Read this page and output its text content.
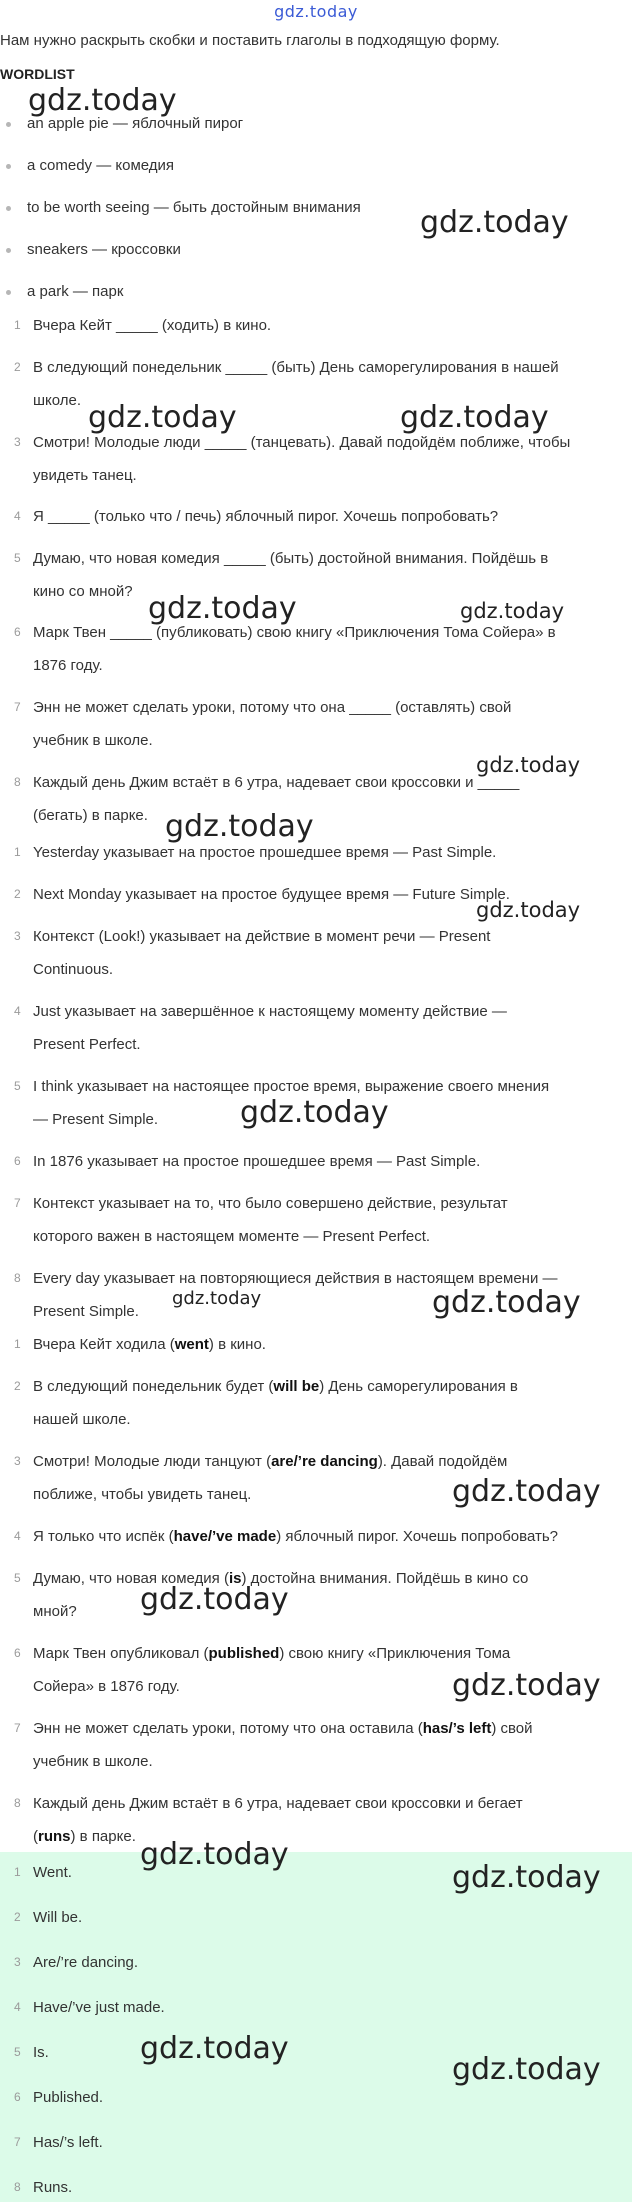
gdz.today
Нам нужно раскрыть скобки и поставить глаголы в подходящую форму.
WORDLIST
an apple pie — яблочный пирог
a comedy — комедия
to be worth seeing — быть достойным внимания
sneakers — кроссовки
a park — парк
1 Вчера Кейт _____ (ходить) в кино.
2 В следующий понедельник _____ (быть) День саморегулирования в нашей
школе.
3 Смотри! Молодые люди _____ (танцевать). Давай подойдём поближе, чтобы
увидеть танец.
4 Я _____ (только что / печь) яблочный пирог. Хочешь попробовать?
5 Думаю, что новая комедия _____ (быть) достойной внимания. Пойдёшь в
кино со мной?
6 Марк Твен _____ (публиковать) свою книгу «Приключения Тома Сойера» в
1876 году.
7 Энн не может сделать уроки, потому что она _____ (оставлять) свой
учебник в школе.
8 Каждый день Джим встаёт в 6 утра, надевает свои кроссовки и _____
(бегать) в парке.
1 Yesterday указывает на простое прошедшее время — Past Simple.
2 Next Monday указывает на простое будущее время — Future Simple.
3 Контекст (Look!) указывает на действие в момент речи — Present
Continuous.
4 Just указывает на завершённое к настоящему моменту действие —
Present Perfect.
5 I think указывает на настоящее простое время, выражение своего мнения
— Present Simple.
6 In 1876 указывает на простое прошедшее время — Past Simple.
7 Контекст указывает на то, что было совершено действие, результат
которого важен в настоящем моменте — Present Perfect.
8 Every day указывает на повторяющиеся действия в настоящем времени —
Present Simple.
1 Вчера Кейт ходила (went) в кино.
2 В следующий понедельник будет (will be) День саморегулирования в
нашей школе.
3 Смотри! Молодые люди танцуют (are/’re dancing). Давай подойдём
поближе, чтобы увидеть танец.
4 Я только что испёк (have/’ve made) яблочный пирог. Хочешь попробовать?
5 Думаю, что новая комедия (is) достойна внимания. Пойдёшь в кино со
мной?
6 Марк Твен опубликовал (published) свою книгу «Приключения Тома
Сойера» в 1876 году.
7 Энн не может сделать уроки, потому что она оставила (has/’s left) свой
учебник в школе.
8 Каждый день Джим встаёт в 6 утра, надевает свои кроссовки и бегает
(runs) в парке.
1 Went.
2 Will be.
3 Are/’re dancing.
4 Have/’ve just made.
5 Is.
6 Published.
7 Has/’s left.
8 Runs.
gdz.today
gdz.today
gdz.today	gdz.today
gdz.today	gdz.today
gdz.today
gdz.today
gdz.today
gdz.today
gdz.today	gdz.today
gdz.today
gdz.today
gdz.today
gdz.today
gdz.today
gdz.today
gdz.today
